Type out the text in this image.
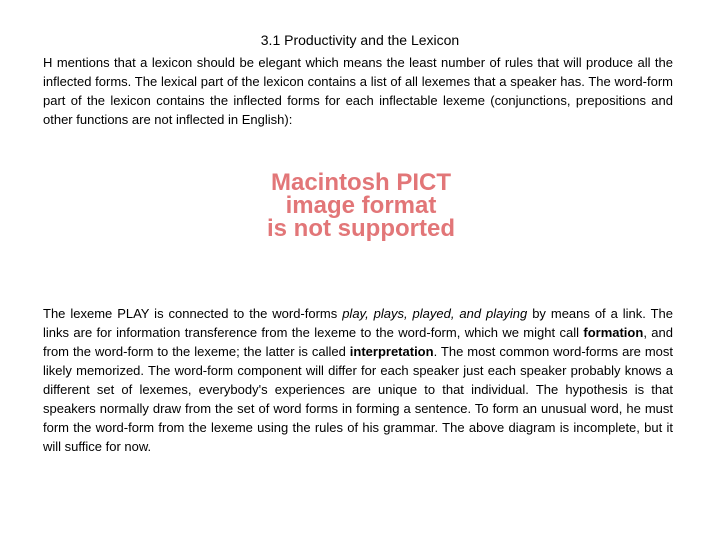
3.1 Productivity and the Lexicon

H mentions that a lexicon should be elegant which means the least number of rules that will produce all the inflected forms. The lexical part of the lexicon contains a list of all lexemes that a speaker has. The word-form part of the lexicon contains the inflected forms for each inflectable lexeme (conjunctions, prepositions and other functions are not inflected in English):

Macintosh PICT
image format
is not supported

The lexeme PLAY is connected to the word-forms play, plays, played, and playing by means of a link. The links are for information transference from the lexeme to the word-form, which we might call formation, and from the word-form to the lexeme; the latter is called interpretation. The most common word-forms are most likely memorized. The word-form component will differ for each speaker just each speaker probably knows a different set of lexemes, everybody's experiences are unique to that individual. The hypothesis is that speakers normally draw from the set of word forms in forming a sentence. To form an unusual word, he must form the word-form from the lexeme using the rules of his grammar. The above diagram is incomplete, but it will suffice for now.
